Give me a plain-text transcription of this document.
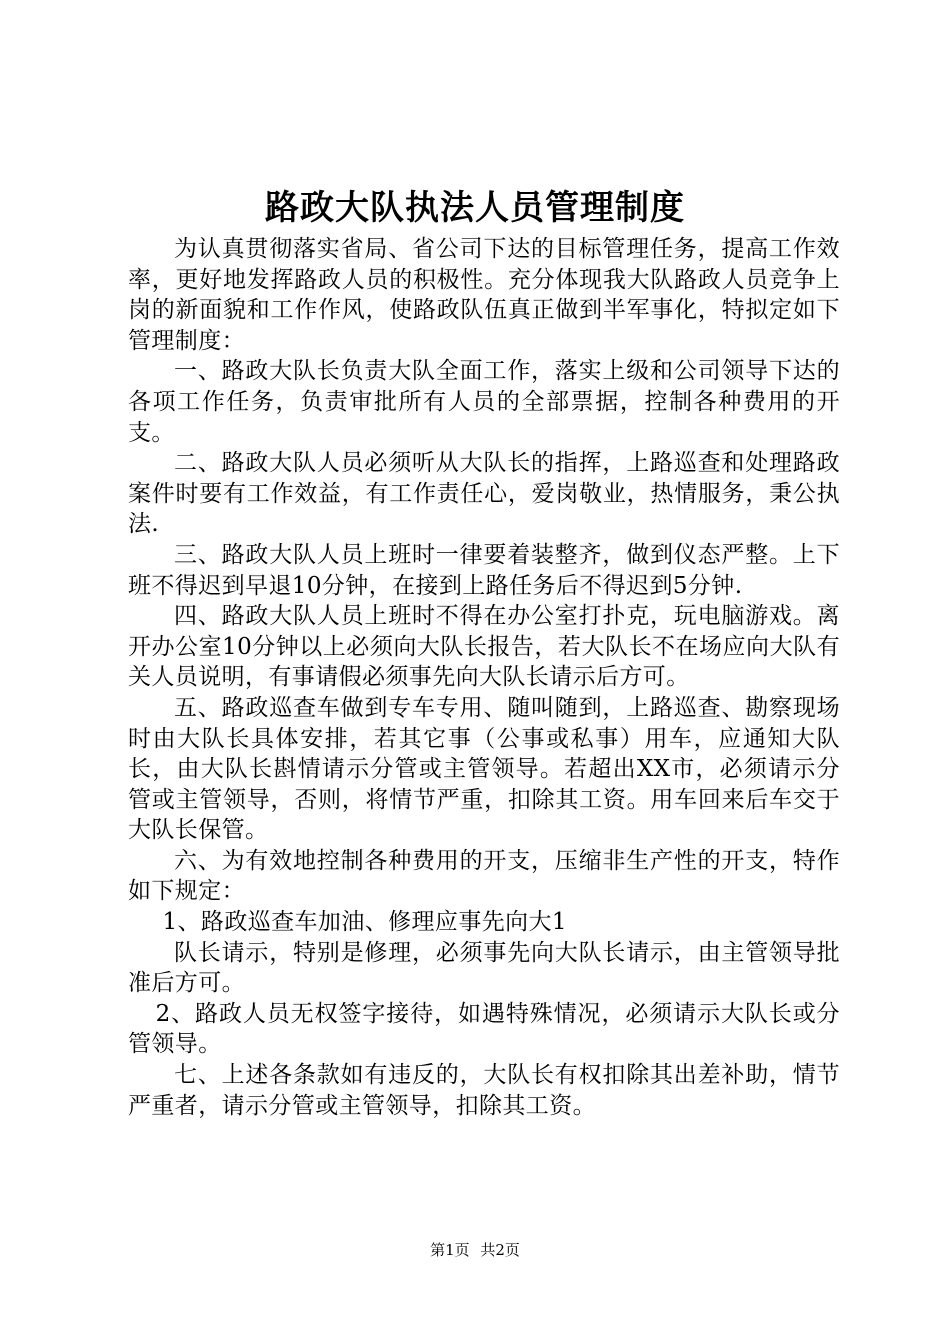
路政大队执法人员管理制度

为认真贯彻落实省局、省公司下达的目标管理任务，提高工作效率，更好地发挥路政人员的积极性。充分体现我大队路政人员竞争上岗的新面貌和工作作风，使路政队伍真正做到半军事化，特拟定如下管理制度：

一、路政大队长负责大队全面工作，落实上级和公司领导下达的各项工作任务，负责审批所有人员的全部票据，控制各种费用的开支。

二、路政大队人员必须听从大队长的指挥，上路巡查和处理路政案件时要有工作效益，有工作责任心，爱岗敬业，热情服务，秉公执法.

三、路政大队人员上班时一律要着装整齐，做到仪态严整。上下班不得迟到早退10分钟，在接到上路任务后不得迟到5分钟.

四、路政大队人员上班时不得在办公室打扑克，玩电脑游戏。离开办公室10分钟以上必须向大队长报告，若大队长不在场应向大队有关人员说明，有事请假必须事先向大队长请示后方可。

五、路政巡查车做到专车专用、随叫随到，上路巡查、勘察现场时由大队长具体安排，若其它事（公事或私事）用车，应通知大队长，由大队长斟情请示分管或主管领导。若超出XX市，必须请示分管或主管领导，否则，将情节严重，扣除其工资。用车回来后车交于大队长保管。

六、为有效地控制各种费用的开支，压缩非生产性的开支，特作如下规定：

1、路政巡查车加油、修理应事先向大1

队长请示，特别是修理，必须事先向大队长请示，由主管领导批准后方可。

2、路政人员无权签字接待，如遇特殊情况，必须请示大队长或分管领导。

七、上述各条款如有违反的，大队长有权扣除其出差补助，情节严重者，请示分管或主管领导，扣除其工资。

第1页 共2页
